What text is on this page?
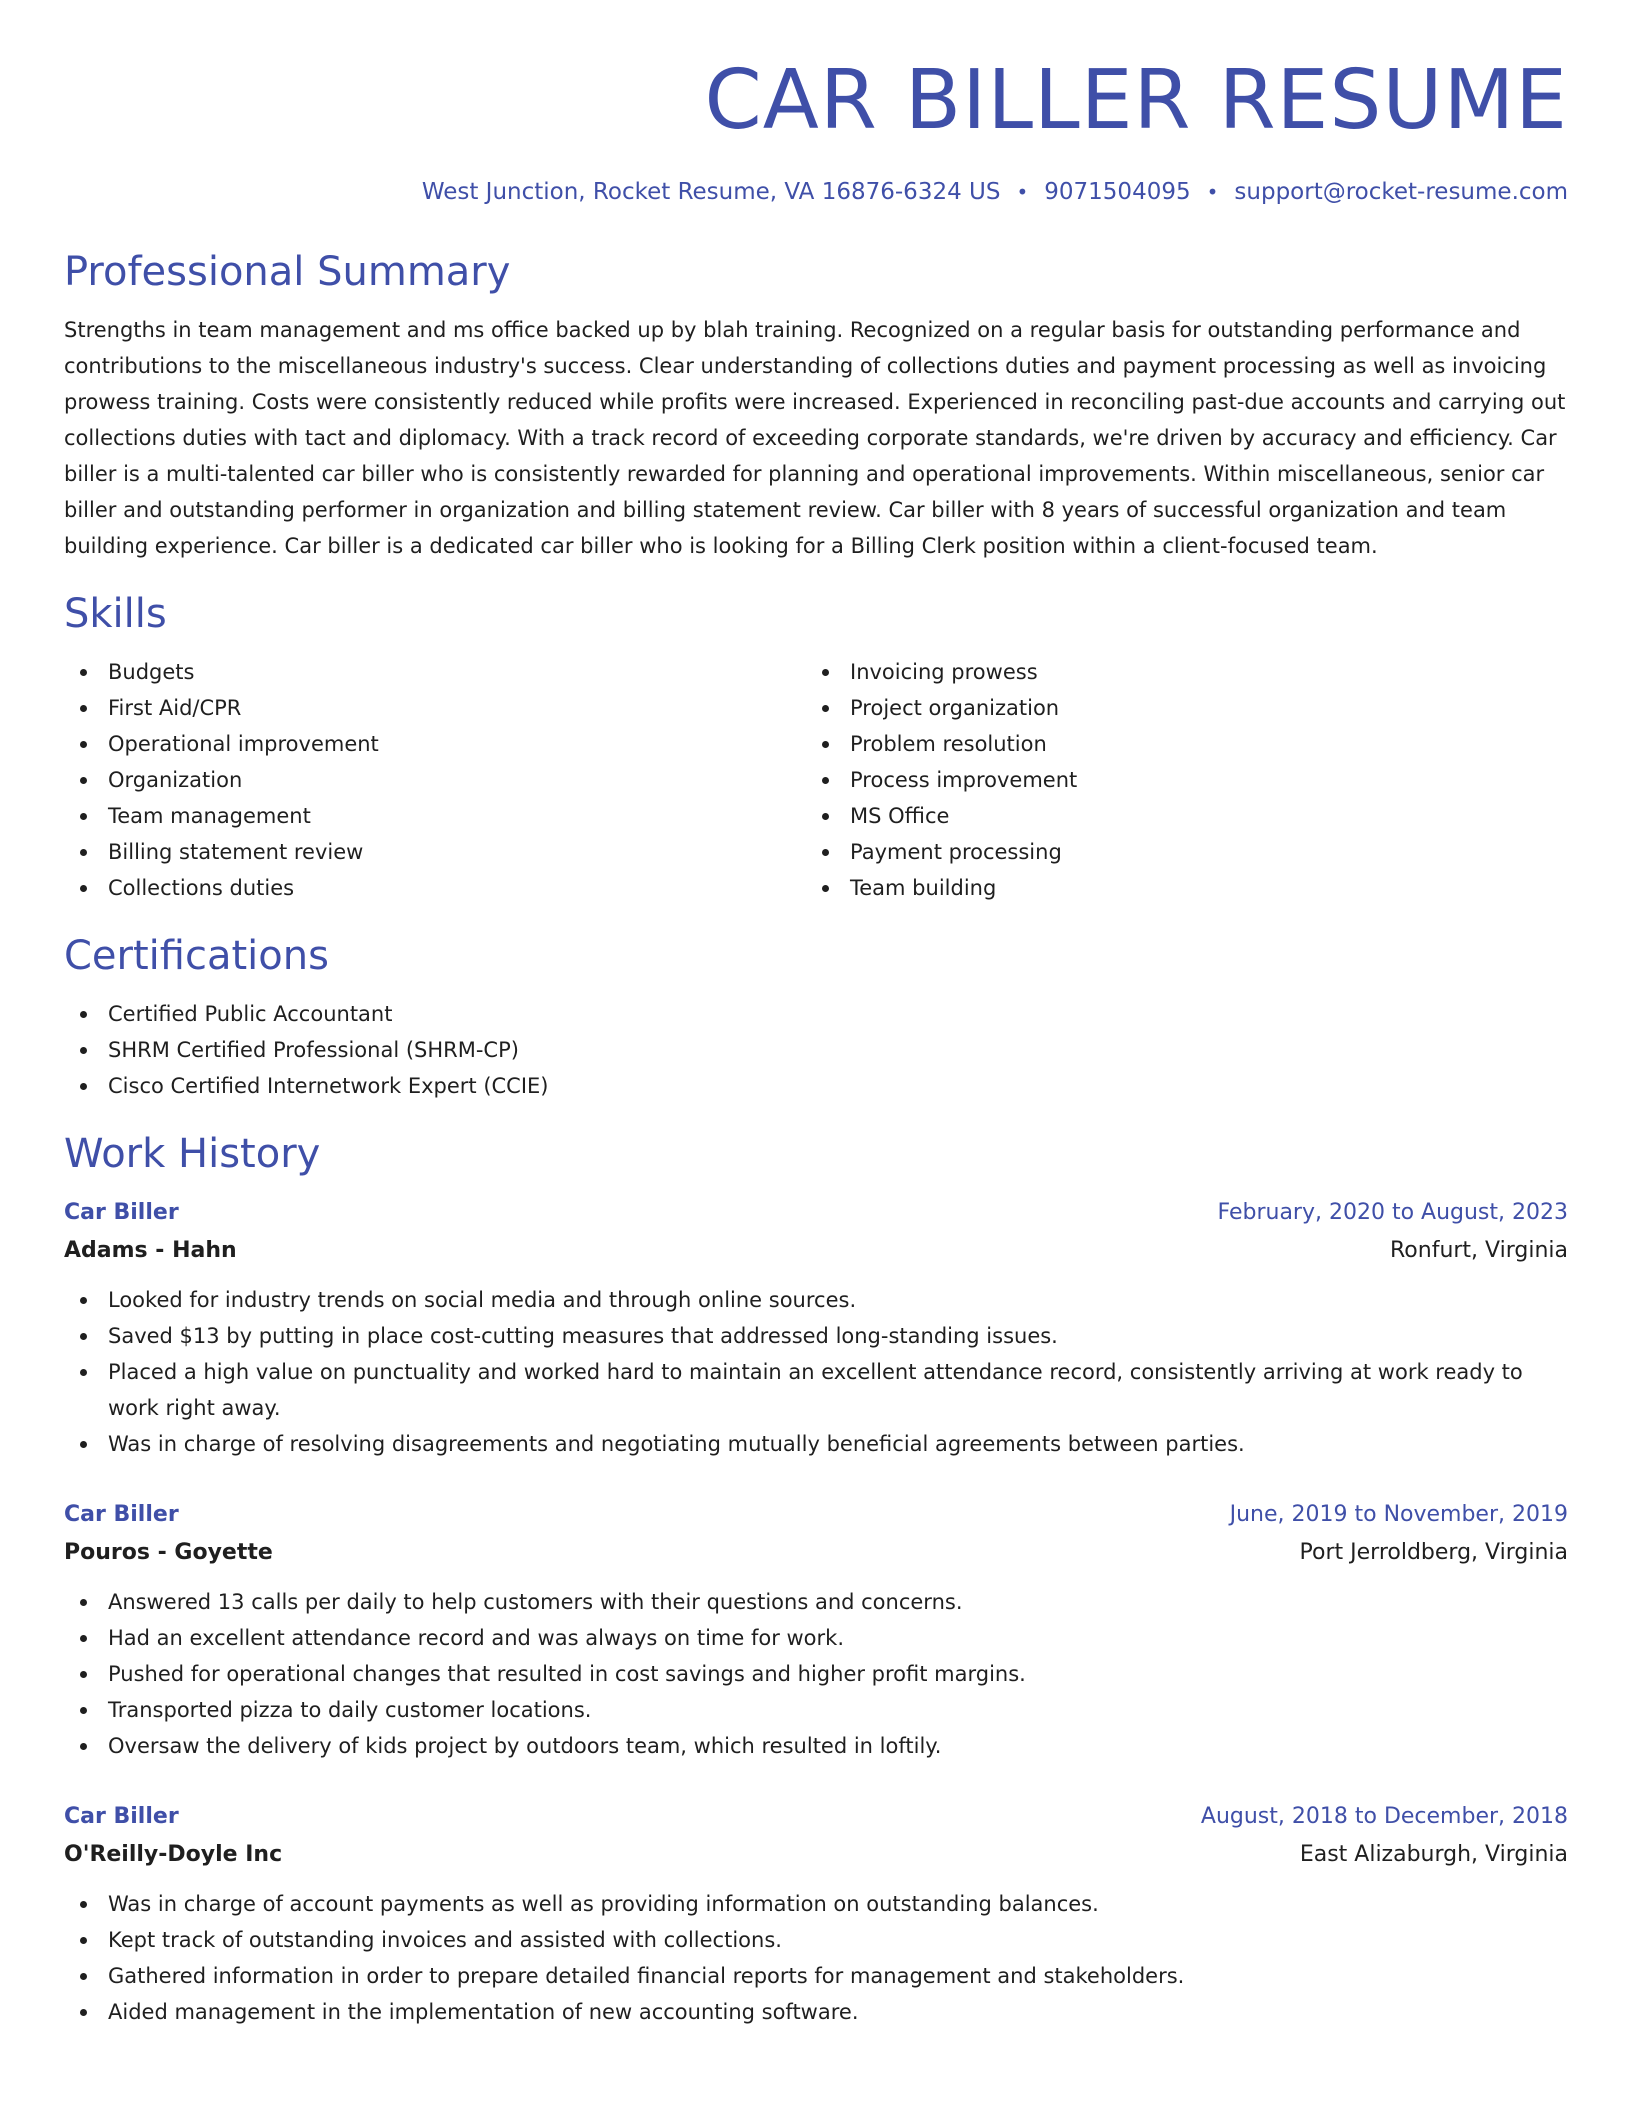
CAR BILLER RESUME
West Junction, Rocket Resume, VA 16876-6324 US • 9071504095 • support@rocket-resume.com
Professional Summary

Strengths in team management and ms office backed up by blah training. Recognized on a regular basis for outstanding performance and contributions to the miscellaneous industry's success. Clear understanding of collections duties and payment processing as well as invoicing prowess training. Costs were consistently reduced while profits were increased. Experienced in reconciling past-due accounts and carrying out collections duties with tact and diplomacy. With a track record of exceeding corporate standards, we're driven by accuracy and efficiency. Car biller is a multi-talented car biller who is consistently rewarded for planning and operational improvements. Within miscellaneous, senior car biller and outstanding performer in organization and billing statement review. Car biller with 8 years of successful organization and team building experience. Car biller is a dedicated car biller who is looking for a Billing Clerk position within a client-focused team.

Skills
Budgets
First Aid/CPR
Operational improvement
Organization
Team management
Billing statement review
Collections duties
Invoicing prowess
Project organization
Problem resolution
Process improvement
MS Office
Payment processing
Team building
Certifications
Certified Public Accountant
SHRM Certified Professional (SHRM-CP)
Cisco Certified Internetwork Expert (CCIE)
Work History
Car Biller	February, 2020 to August, 2023
Adams - Hahn	Ronfurt, Virginia
Looked for industry trends on social media and through online sources.
Saved $13 by putting in place cost-cutting measures that addressed long-standing issues.
Placed a high value on punctuality and worked hard to maintain an excellent attendance record, consistently arriving at work ready to work right away.
Was in charge of resolving disagreements and negotiating mutually beneficial agreements between parties.
Car Biller	June, 2019 to November, 2019
Pouros - Goyette	Port Jerroldberg, Virginia
Answered 13 calls per daily to help customers with their questions and concerns.
Had an excellent attendance record and was always on time for work.
Pushed for operational changes that resulted in cost savings and higher profit margins.
Transported pizza to daily customer locations.
Oversaw the delivery of kids project by outdoors team, which resulted in loftily.
Car Biller	August, 2018 to December, 2018
O'Reilly-Doyle Inc	East Alizaburgh, Virginia
Was in charge of account payments as well as providing information on outstanding balances.
Kept track of outstanding invoices and assisted with collections.
Gathered information in order to prepare detailed financial reports for management and stakeholders.
Aided management in the implementation of new accounting software.
